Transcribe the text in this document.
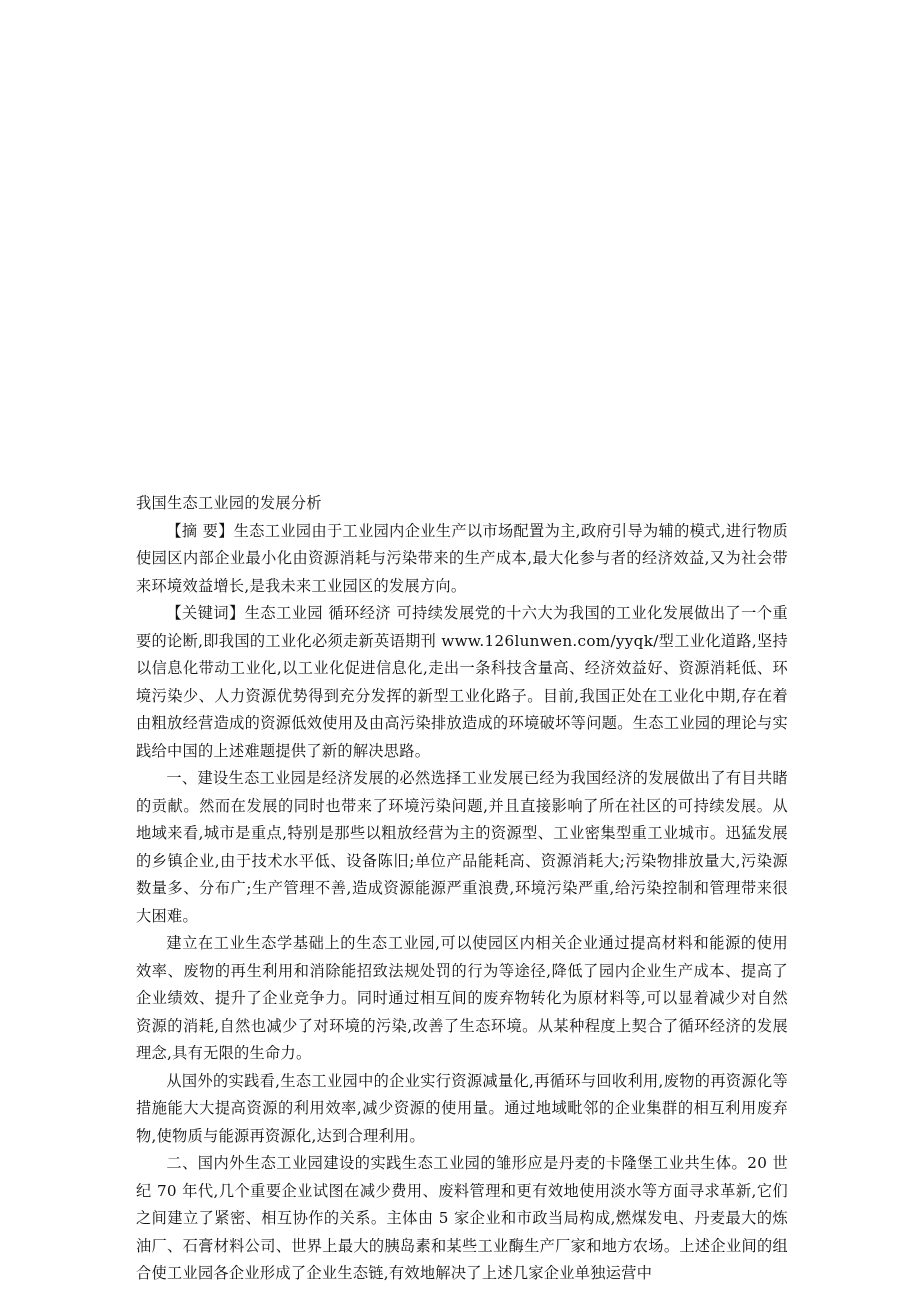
我国生态工业园的发展分析

【摘 要】生态工业园由于工业园内企业生产以市场配置为主,政府引导为辅的模式,进行物质使园区内部企业最小化由资源消耗与污染带来的生产成本,最大化参与者的经济效益,又为社会带来环境效益增长,是我未来工业园区的发展方向。

【关键词】生态工业园 循环经济 可持续发展党的十六大为我国的工业化发展做出了一个重要的论断,即我国的工业化必须走新英语期刊 www.126lunwen.com/yyqk/型工业化道路,坚持以信息化带动工业化,以工业化促进信息化,走出一条科技含量高、经济效益好、资源消耗低、环境污染少、人力资源优势得到充分发挥的新型工业化路子。目前,我国正处在工业化中期,存在着由粗放经营造成的资源低效使用及由高污染排放造成的环境破坏等问题。生态工业园的理论与实践给中国的上述难题提供了新的解决思路。

一、建设生态工业园是经济发展的必然选择工业发展已经为我国经济的发展做出了有目共睹的贡献。然而在发展的同时也带来了环境污染问题,并且直接影响了所在社区的可持续发展。从地域来看,城市是重点,特别是那些以粗放经营为主的资源型、工业密集型重工业城市。迅猛发展的乡镇企业,由于技术水平低、设备陈旧;单位产品能耗高、资源消耗大;污染物排放量大,污染源数量多、分布广;生产管理不善,造成资源能源严重浪费,环境污染严重,给污染控制和管理带来很大困难。

建立在工业生态学基础上的生态工业园,可以使园区内相关企业通过提高材料和能源的使用效率、废物的再生利用和消除能招致法规处罚的行为等途径,降低了园内企业生产成本、提高了企业绩效、提升了企业竞争力。同时通过相互间的废弃物转化为原材料等,可以显着减少对自然资源的消耗,自然也减少了对环境的污染,改善了生态环境。从某种程度上契合了循环经济的发展理念,具有无限的生命力。

从国外的实践看,生态工业园中的企业实行资源减量化,再循环与回收利用,废物的再资源化等措施能大大提高资源的利用效率,减少资源的使用量。通过地域毗邻的企业集群的相互利用废弃物,使物质与能源再资源化,达到合理利用。

二、国内外生态工业园建设的实践生态工业园的雏形应是丹麦的卡隆堡工业共生体。20 世纪 70 年代,几个重要企业试图在减少费用、废料管理和更有效地使用淡水等方面寻求革新,它们之间建立了紧密、相互协作的关系。主体由 5 家企业和市政当局构成,燃煤发电、丹麦最大的炼油厂、石膏材料公司、世界上最大的胰岛素和某些工业酶生产厂家和地方农场。上述企业间的组合使工业园各企业形成了企业生态链,有效地解决了上述几家企业单独运营中
